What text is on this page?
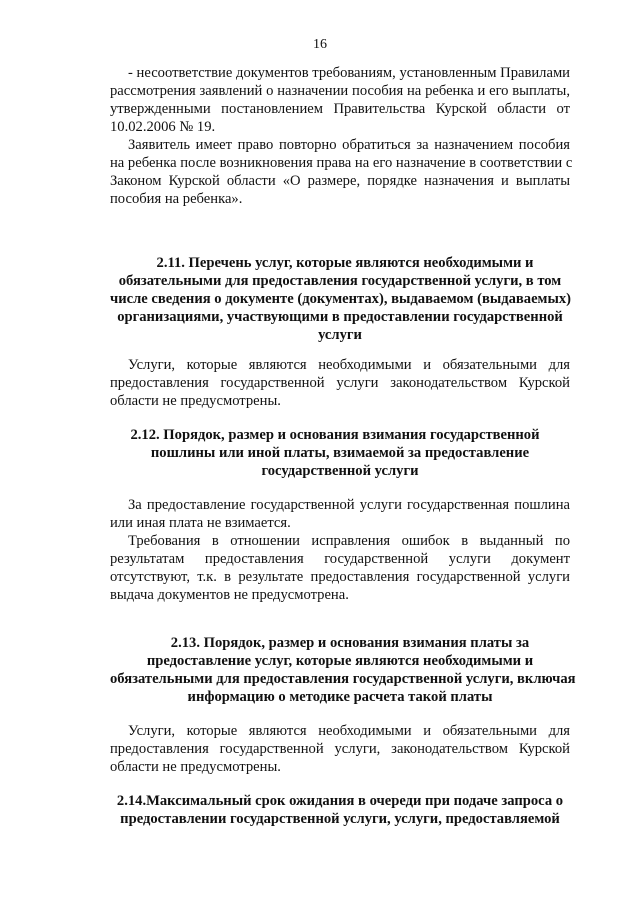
16
- несоответствие документов требованиям, установленным Правилами
рассмотрения заявлений о назначении пособия на ребенка и его выплаты,
утвержденными постановлением Правительства Курской области от
10.02.2006 № 19.
Заявитель имеет право повторно обратиться за назначением пособия
на ребенка после возникновения права на его назначение в соответствии с
Законом Курской области «О размере, порядке назначения и выплаты
пособия на ребенка».
2.11. Перечень услуг, которые являются необходимыми и
обязательными для предоставления государственной услуги, в том
числе сведения о документе (документах), выдаваемом (выдаваемых)
организациями, участвующими в предоставлении государственной
услуги
Услуги, которые являются необходимыми и обязательными для
предоставления государственной услуги законодательством Курской
области не предусмотрены.
2.12. Порядок, размер и основания взимания государственной
пошлины или иной платы, взимаемой за предоставление
государственной услуги
За предоставление государственной услуги государственная пошлина
или иная плата не взимается.
Требования в отношении исправления ошибок в выданный по
результатам предоставления государственной услуги документ
отсутствуют, т.к. в результате предоставления государственной услуги
выдача документов не предусмотрена.
2.13. Порядок, размер и основания взимания платы за
предоставление услуг, которые являются необходимыми и
обязательными для предоставления государственной услуги, включая
информацию о методике расчета такой платы
Услуги, которые являются необходимыми и обязательными для
предоставления государственной услуги, законодательством Курской
области не предусмотрены.
2.14.Максимальный срок ожидания в очереди при подаче запроса о
предоставлении государственной услуги, услуги, предоставляемой
